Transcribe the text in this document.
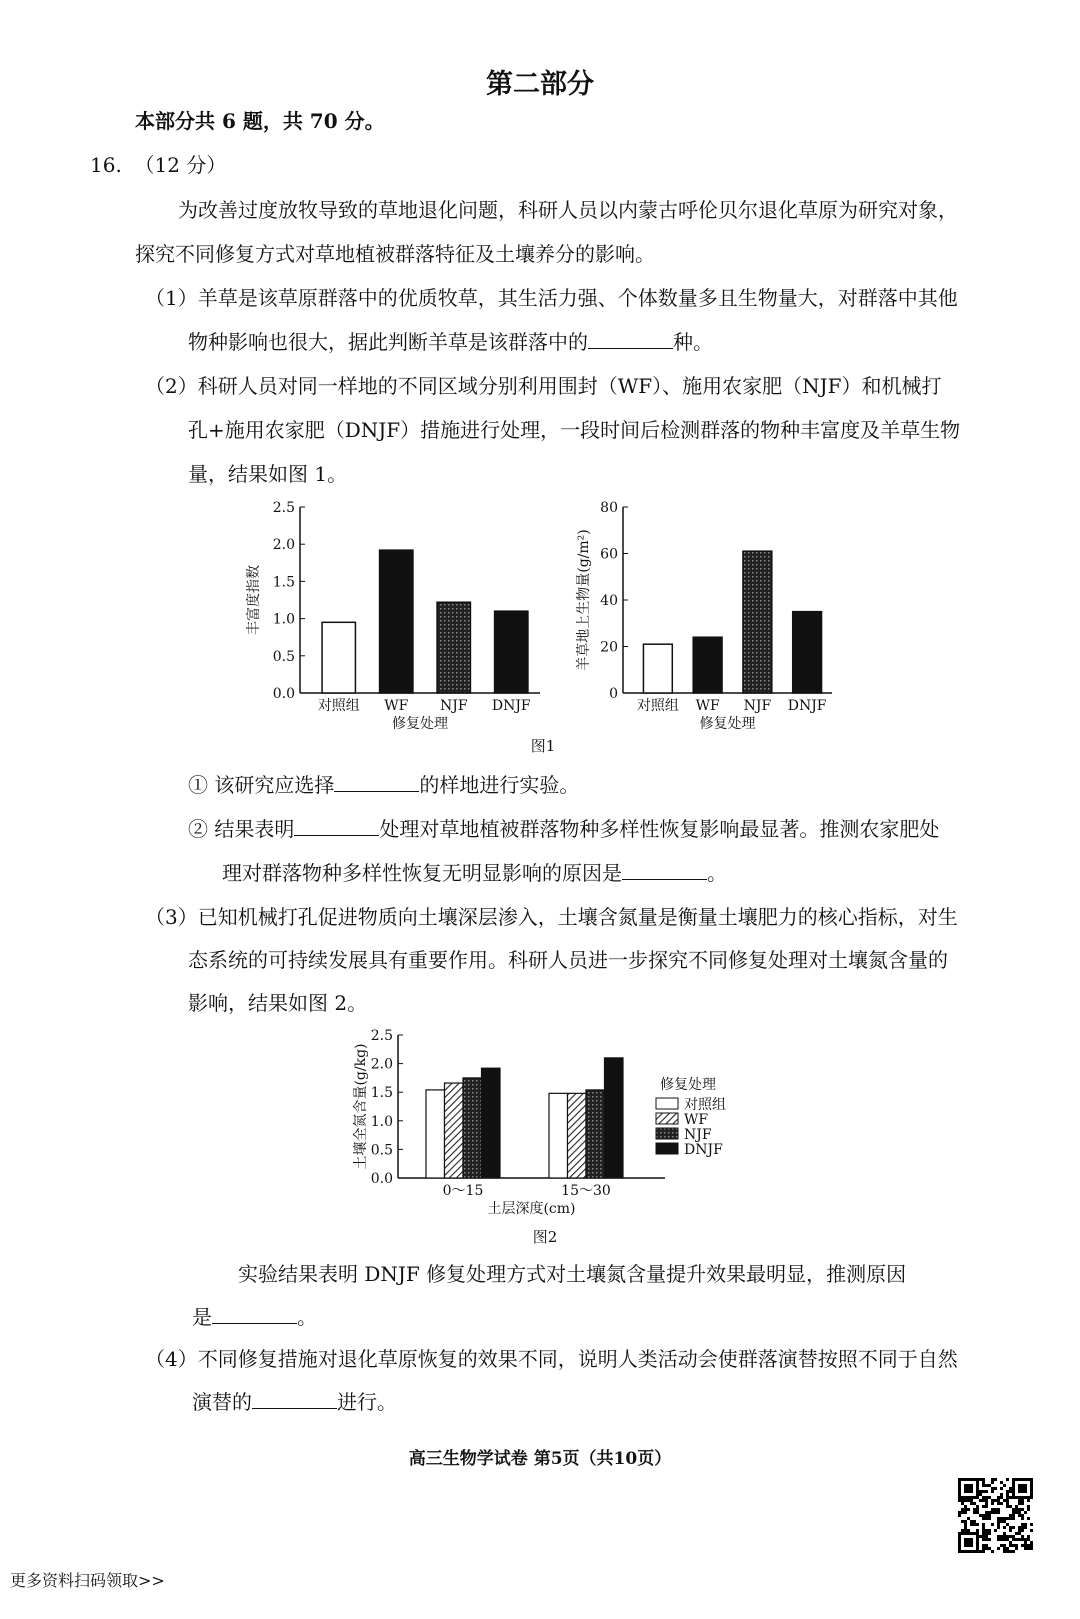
第二部分
本部分共 6 题，共 70 分。
16. （12 分）
为改善过度放牧导致的草地退化问题，科研人员以内蒙古呼伦贝尔退化草原为研究对象，
探究不同修复方式对草地植被群落特征及土壤养分的影响。
（1）羊草是该草原群落中的优质牧草，其生活力强、个体数量多且生物量大，对群落中其他
物种影响也很大，据此判断羊草是该群落中的	种。
（2）科研人员对同一样地的不同区域分别利用围封（WF）、施用农家肥（NJF）和机械打
孔+施用农家肥（DNJF）措施进行处理，一段时间后检测群落的物种丰富度及羊草生物
量，结果如图 1。
① 该研究应选择	的样地进行实验。
② 结果表明	处理对草地植被群落物种多样性恢复影响最显著。推测农家肥处
理对群落物种多样性恢复无明显影响的原因是	。
（3）已知机械打孔促进物质向土壤深层渗入，土壤含氮量是衡量土壤肥力的核心指标，对生
态系统的可持续发展具有重要作用。科研人员进一步探究不同修复处理对土壤氮含量的
影响，结果如图 2。
实验结果表明 DNJF 修复处理方式对土壤氮含量提升效果最明显，推测原因
是	。
（4）不同修复措施对退化草原恢复的效果不同，说明人类活动会使群落演替按照不同于自然
演替的	进行。
图1
图2
0.0
0.5
1.0
1.5
2.0
2.5
丰富度指数
修复处理
对照组 WF NJF DNJF
0
20
40
60
80
羊草地上生物量(g/m²)
修复处理
对照组 WF NJF DNJF
0.0
0.5
1.0
1.5
2.0
2.5
土壤全氮含量(g/kg)
土层深度(cm)
0～15	15～30
修复处理
对照组
WF
NJF
DNJF
高三生物学试卷 第5页（共10页）
更多资料扫码领取>>
